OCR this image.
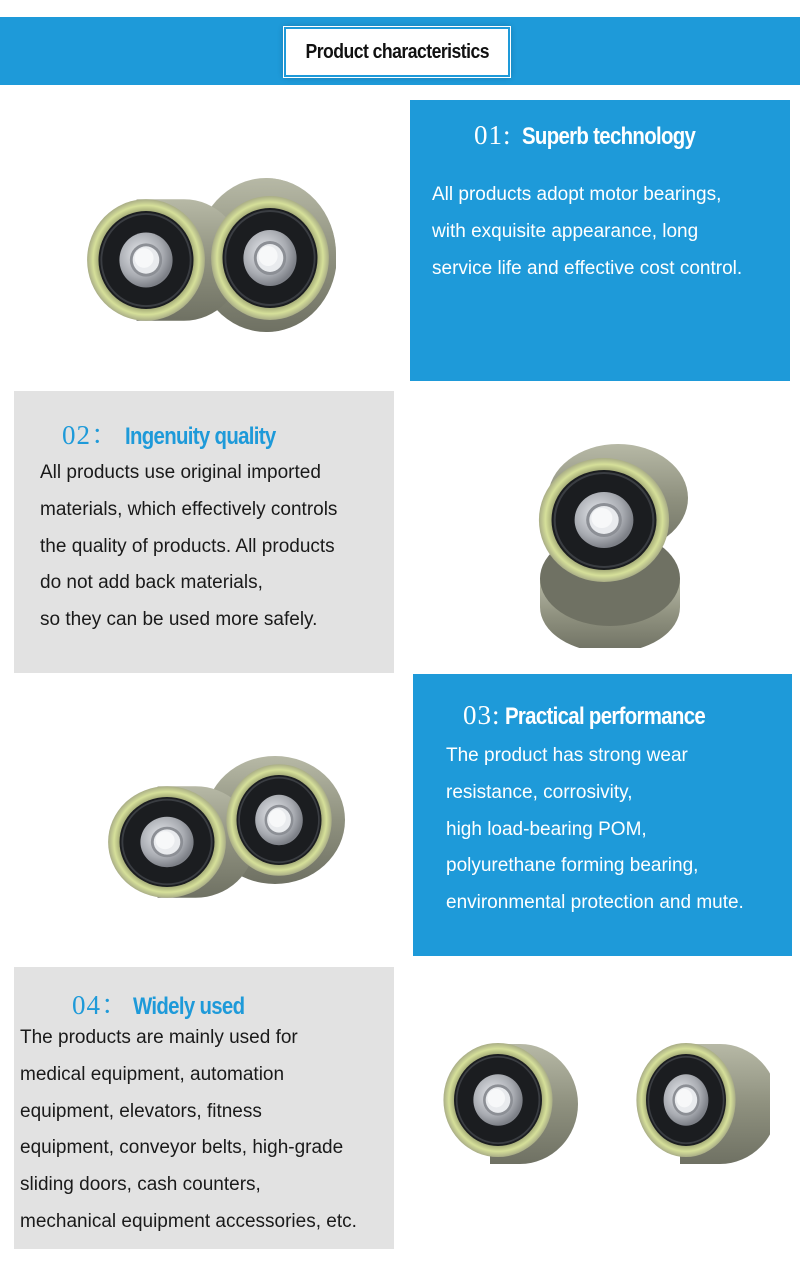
Product characteristics
01: Superb technology
All products adopt motor bearings,
with exquisite appearance, long
service life and effective cost control.
02： Ingenuity quality
All products use original imported
materials, which effectively controls
the quality of products. All products
do not add back materials,
so they can be used more safely.
03: Practical performance
The product has strong wear
resistance, corrosivity,
high load-bearing POM,
polyurethane forming bearing,
environmental protection and mute.
04： Widely used
The products are mainly used for
medical equipment, automation
equipment, elevators, fitness
equipment, conveyor belts, high-grade
sliding doors, cash counters,
mechanical equipment accessories, etc.
